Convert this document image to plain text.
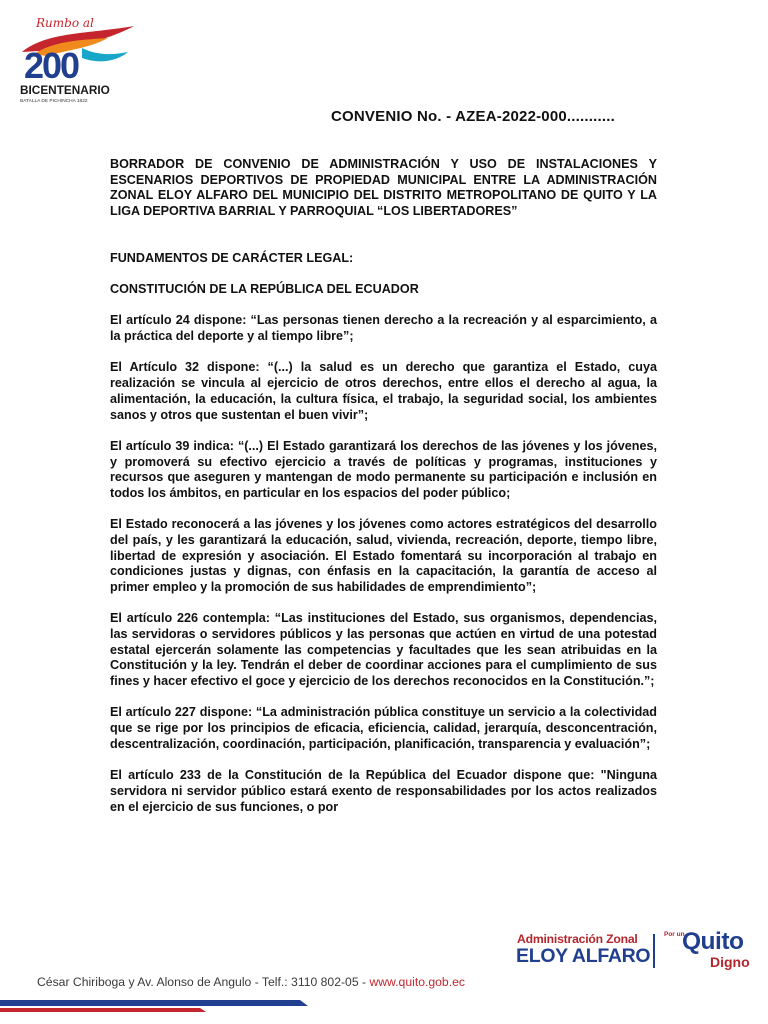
Rumbo al
200
BICENTENARIO
BATALLA DE PICHINCHA 1822
CONVENIO No. - AZEA-2022-000...........

BORRADOR DE CONVENIO DE ADMINISTRACIÓN Y USO DE INSTALACIONES Y ESCENARIOS DEPORTIVOS DE PROPIEDAD MUNICIPAL ENTRE LA ADMINISTRACIÓN ZONAL ELOY ALFARO DEL MUNICIPIO DEL DISTRITO METROPOLITANO DE QUITO Y LA LIGA DEPORTIVA BARRIAL Y PARROQUIAL “LOS LIBERTADORES”

FUNDAMENTOS DE CARÁCTER LEGAL:

CONSTITUCIÓN DE LA REPÚBLICA DEL ECUADOR

El artículo 24 dispone: “Las personas tienen derecho a la recreación y al esparcimiento, a la práctica del deporte y al tiempo libre”;

El Artículo 32 dispone: “(...) la salud es un derecho que garantiza el Estado, cuya realización se vincula al ejercicio de otros derechos, entre ellos el derecho al agua, la alimentación, la educación, la cultura física, el trabajo, la seguridad social, los ambientes sanos y otros que sustentan el buen vivir”;

El artículo 39 indica: “(...) El Estado garantizará los derechos de las jóvenes y los jóvenes, y promoverá su efectivo ejercicio a través de políticas y programas, instituciones y recursos que aseguren y mantengan de modo permanente su participación e inclusión en todos los ámbitos, en particular en los espacios del poder público;

El Estado reconocerá a las jóvenes y los jóvenes como actores estratégicos del desarrollo del país, y les garantizará la educación, salud, vivienda, recreación, deporte, tiempo libre, libertad de expresión y asociación. El Estado fomentará su incorporación al trabajo en condiciones justas y dignas, con énfasis en la capacitación, la garantía de acceso al primer empleo y la promoción de sus habilidades de emprendimiento”;

El artículo 226 contempla: “Las instituciones del Estado, sus organismos, dependencias, las servidoras o servidores públicos y las personas que actúen en virtud de una potestad estatal ejercerán solamente las competencias y facultades que les sean atribuidas en la Constitución y la ley. Tendrán el deber de coordinar acciones para el cumplimiento de sus fines y hacer efectivo el goce y ejercicio de los derechos reconocidos en la Constitución.”;

El artículo 227 dispone: “La administración pública constituye un servicio a la colectividad que se rige por los principios de eficacia, eficiencia, calidad, jerarquía, desconcentración, descentralización, coordinación, participación, planificación, transparencia y evaluación”;

El artículo 233 de la Constitución de la República del Ecuador dispone que: "Ninguna servidora ni servidor público estará exento de responsabilidades por los actos realizados en el ejercicio de sus funciones, o por

Administración Zonal
ELOY ALFARO
Por un
Quito
Digno
César Chiriboga y Av. Alonso de Angulo - Telf.: 3110 802-05 - www.quito.gob.ec
